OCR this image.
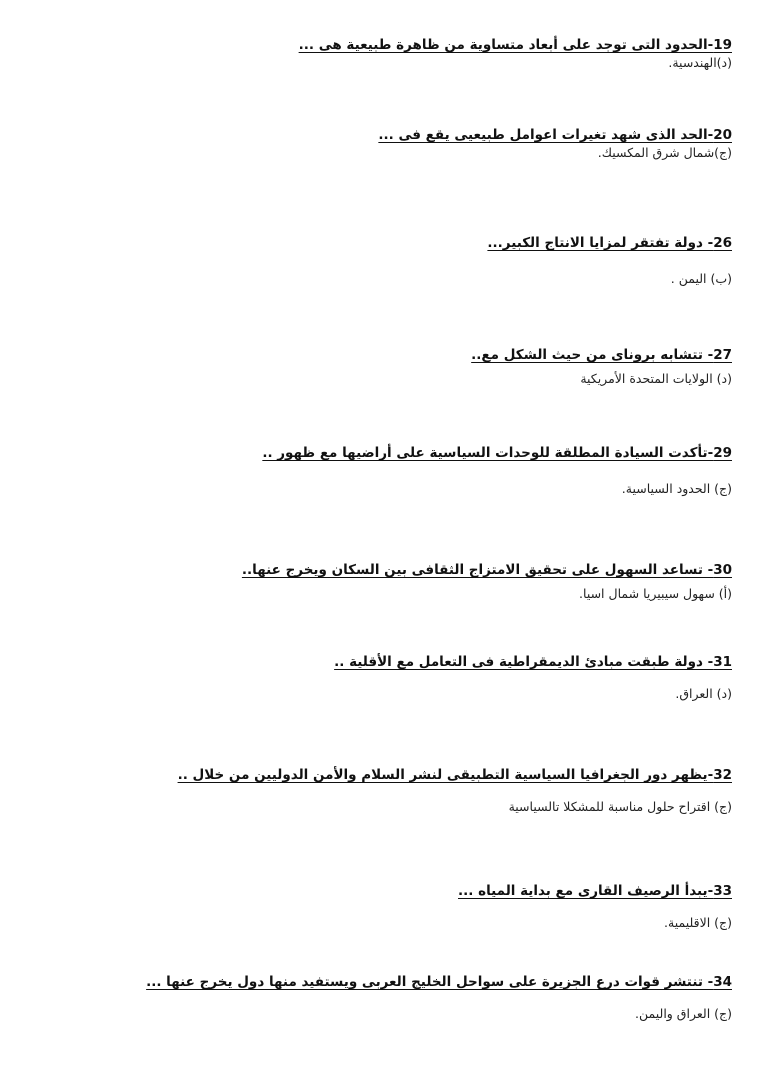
19-الحدود التى توجد على أبعاد متساوية من ظاهرة طبيعية هى ...
(د)الهندسية.
20-الحد الذى شهد تغيرات اعوامل طبيعيى يقع فى ...
(ج)شمال شرق المكسيك.
26- دولة تفتقر لمزايا الانتاج الكبير...
(ب) اليمن .
27- تتشابه بروناى من حيث الشكل مع..
(د) الولايات المتحدة الأمريكية
29-تأكدت السيادة المطلقة للوحدات السياسية على أراضيها مع ظهور ..
(ج) الحدود السياسية.
30- تساعد السهول على تحقيق الامتزاج الثقافى بين السكان ويخرج عنها..
(أ) سهول سيبيريا شمال اسيا.
31- دولة طبقت مبادئ الديمقراطية فى التعامل مع الأقلية ..
(د) العراق.
32-يظهر دور الجغرافيا السياسية التطبيقى لنشر السلام والأمن الدوليين من خلال ..
(ج) اقتراح حلول مناسبة للمشكلا تالسياسية
33-يبدأ الرصيف القارى مع بداية المياه ...
(ج) الاقليمية.
34- تنتشر قوات درع الجزيرة على سواحل الخليج العربى ويستفيد منها دول يخرج عنها ...
(ج) العراق واليمن.
